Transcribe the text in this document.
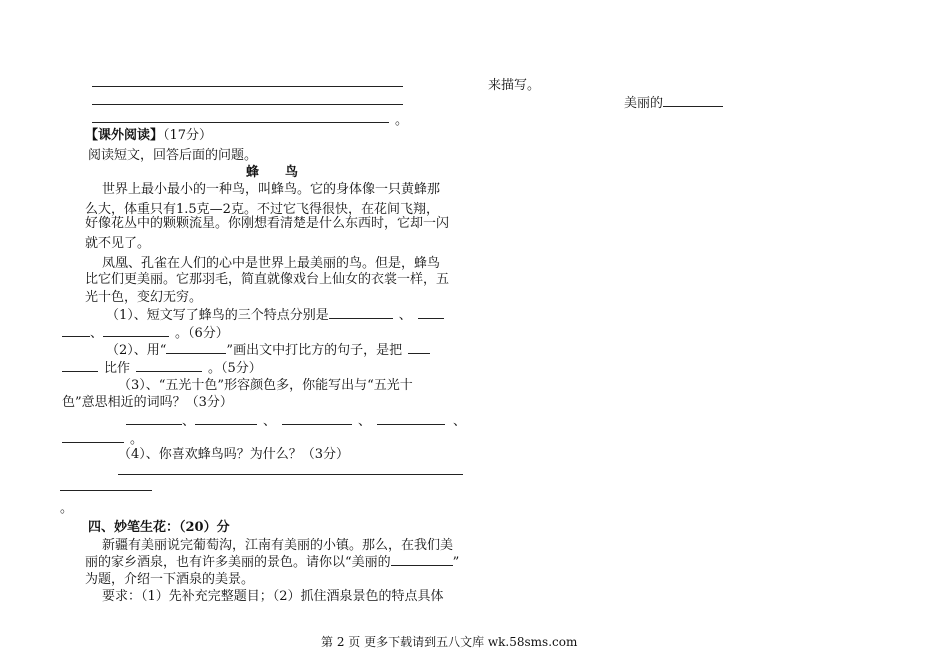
。
来描写。
美丽的
【课外阅读】（17分）
阅读短文，回答后面的问题。
蜂　　鸟
世界上最小最小的一种鸟，叫蜂鸟。它的身体像一只黄蜂那
么大，体重只有1.5克—2克。不过它飞得很快，在花间飞翔，
好像花丛中的颗颗流星。你刚想看清楚是什么东西时，它却一闪
就不见了。
凤凰、孔雀在人们的心中是世界上最美丽的鸟。但是，蜂鸟
比它们更美丽。它那羽毛，简直就像戏台上仙女的衣裳一样，五
光十色，变幻无穷。
（1）、短文写了蜂鸟的三个特点分别是	、
、	。（6分）
（2）、用“	”画出文中打比方的句子，是把
比作	。（5分）
（3）、“五光十色”形容颜色多，你能写出与“五光十
色”意思相近的词吗？（3分）
、	、	、	、
。
（4）、你喜欢蜂鸟吗？为什么？（3分）
。
四、妙笔生花：（20）分
新疆有美丽说完葡萄沟，江南有美丽的小镇。那么，在我们美
丽的家乡酒泉，也有许多美丽的景色。请你以“美丽的	”
为题，介绍一下酒泉的美景。
要求：（1）先补充完整题目；（2）抓住酒泉景色的特点具体
第 2 页 更多下载请到五八文库 wk.58sms.com
